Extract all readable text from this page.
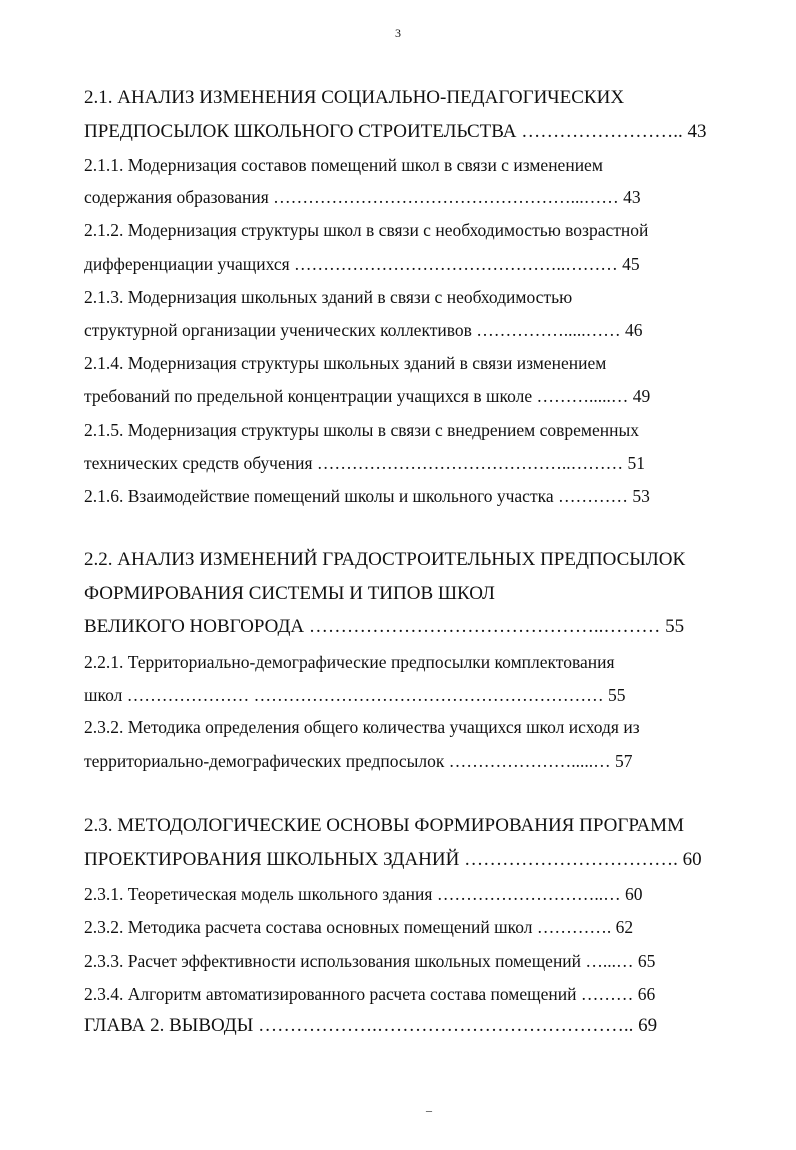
3
2.1. АНАЛИЗ ИЗМЕНЕНИЯ СОЦИАЛЬНО-ПЕДАГОГИЧЕСКИХ
ПРЕДПОСЫЛОК ШКОЛЬНОГО СТРОИТЕЛЬСТВА …………………….. 43
2.1.1. Модернизация составов помещений школ в связи с изменением
содержания образования ……………………………………………...…… 43
2.1.2. Модернизация структуры школ в связи с необходимостью возрастной
дифференциации учащихся ………………………………………..……… 45
2.1.3. Модернизация школьных зданий в связи с необходимостью
структурной организации ученических коллективов …………….....…… 46
2.1.4. Модернизация структуры школьных зданий в связи изменением
требований по предельной концентрации учащихся в школе ……….....… 49
2.1.5. Модернизация структуры школы в связи с внедрением современных
технических средств обучения ……………………………………..……… 51
2.1.6. Взаимодействие помещений школы и школьного участка ………… 53
2.2. АНАЛИЗ ИЗМЕНЕНИЙ ГРАДОСТРОИТЕЛЬНЫХ ПРЕДПОСЫЛОК
ФОРМИРОВАНИЯ СИСТЕМЫ И ТИПОВ ШКОЛ
ВЕЛИКОГО НОВГОРОДА ………………………………………..……… 55
2.2.1. Территориально-демографические предпосылки комплектования
школ ………………… …………………………………………………… 55
2.3.2. Методика определения общего количества учащихся школ исходя из
территориально-демографических предпосылок ………………….....… 57
2.3. МЕТОДОЛОГИЧЕСКИЕ ОСНОВЫ ФОРМИРОВАНИЯ ПРОГРАММ
ПРОЕКТИРОВАНИЯ ШКОЛЬНЫХ ЗДАНИЙ ……………………………. 60
2.3.1. Теоретическая модель школьного здания ………………………..… 60
2.3.2. Методика расчета состава основных помещений школ …………. 62
2.3.3. Расчет эффективности использования школьных помещений …...… 65
2.3.4. Алгоритм автоматизированного расчета состава помещений ……… 66
ГЛАВА 2. ВЫВОДЫ ……………….………………………………….. 69
_
